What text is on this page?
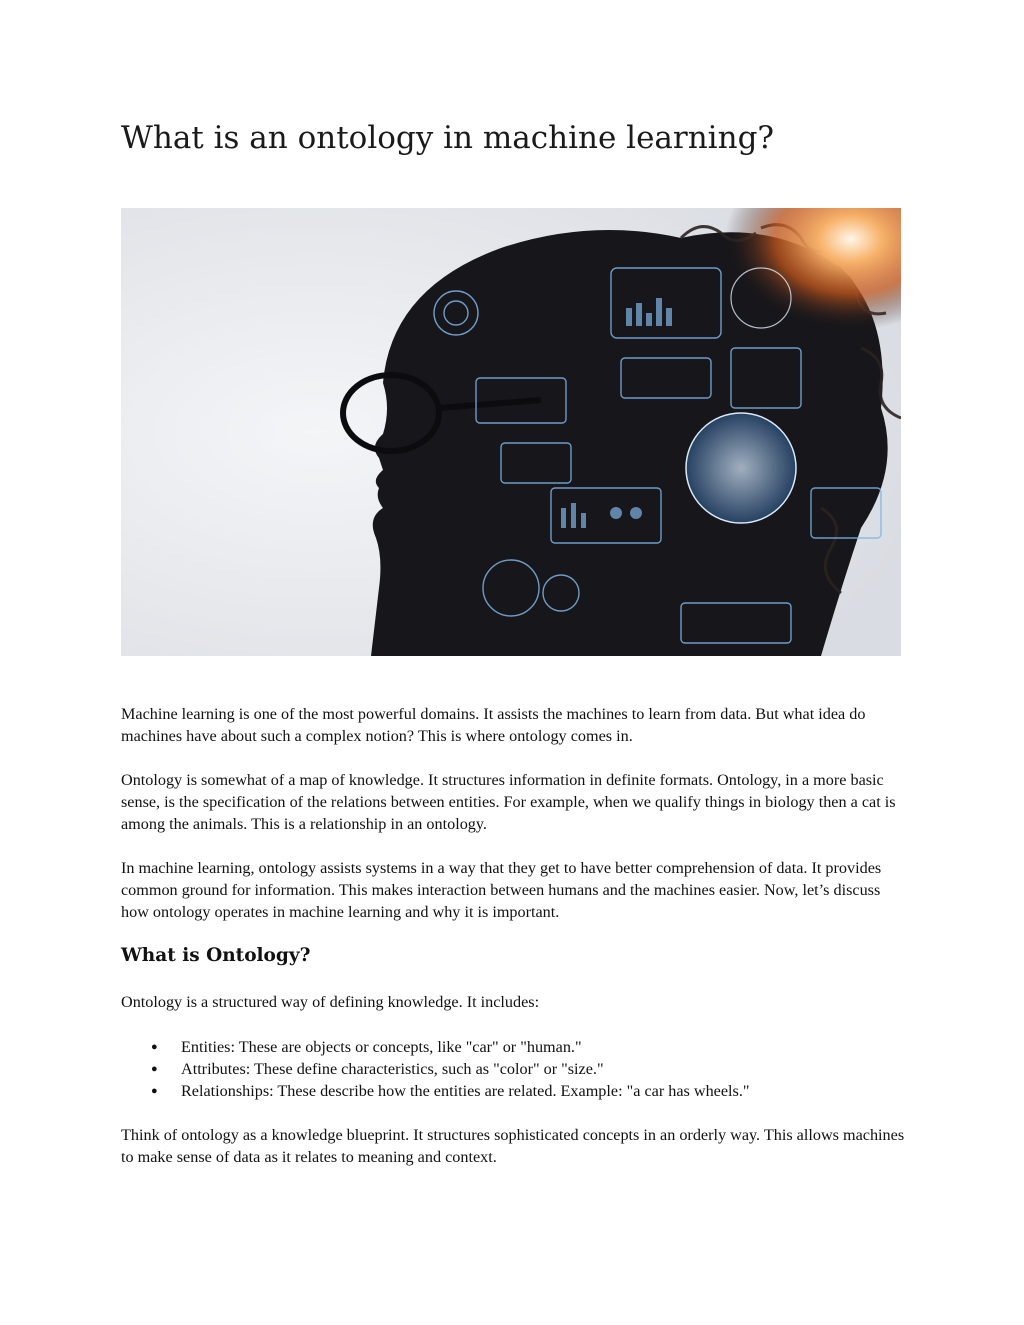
What is an ontology in machine learning?

Machine learning is one of the most powerful domains. It assists the machines to learn from data. But what idea do machines have about such a complex notion? This is where ontology comes in.

Ontology is somewhat of a map of knowledge. It structures information in definite formats. Ontology, in a more basic sense, is the specification of the relations between entities. For example, when we qualify things in biology then a cat is among the animals. This is a relationship in an ontology.

In machine learning, ontology assists systems in a way that they get to have better comprehension of data. It provides common ground for information. This makes interaction between humans and the machines easier. Now, let’s discuss how ontology operates in machine learning and why it is important.

What is Ontology?

Ontology is a structured way of defining knowledge. It includes:

● Entities: These are objects or concepts, like "car" or "human."
● Attributes: These define characteristics, such as "color" or "size."
● Relationships: These describe how the entities are related. Example: "a car has wheels."

Think of ontology as a knowledge blueprint. It structures sophisticated concepts in an orderly way. This allows machines to make sense of data as it relates to meaning and context.
